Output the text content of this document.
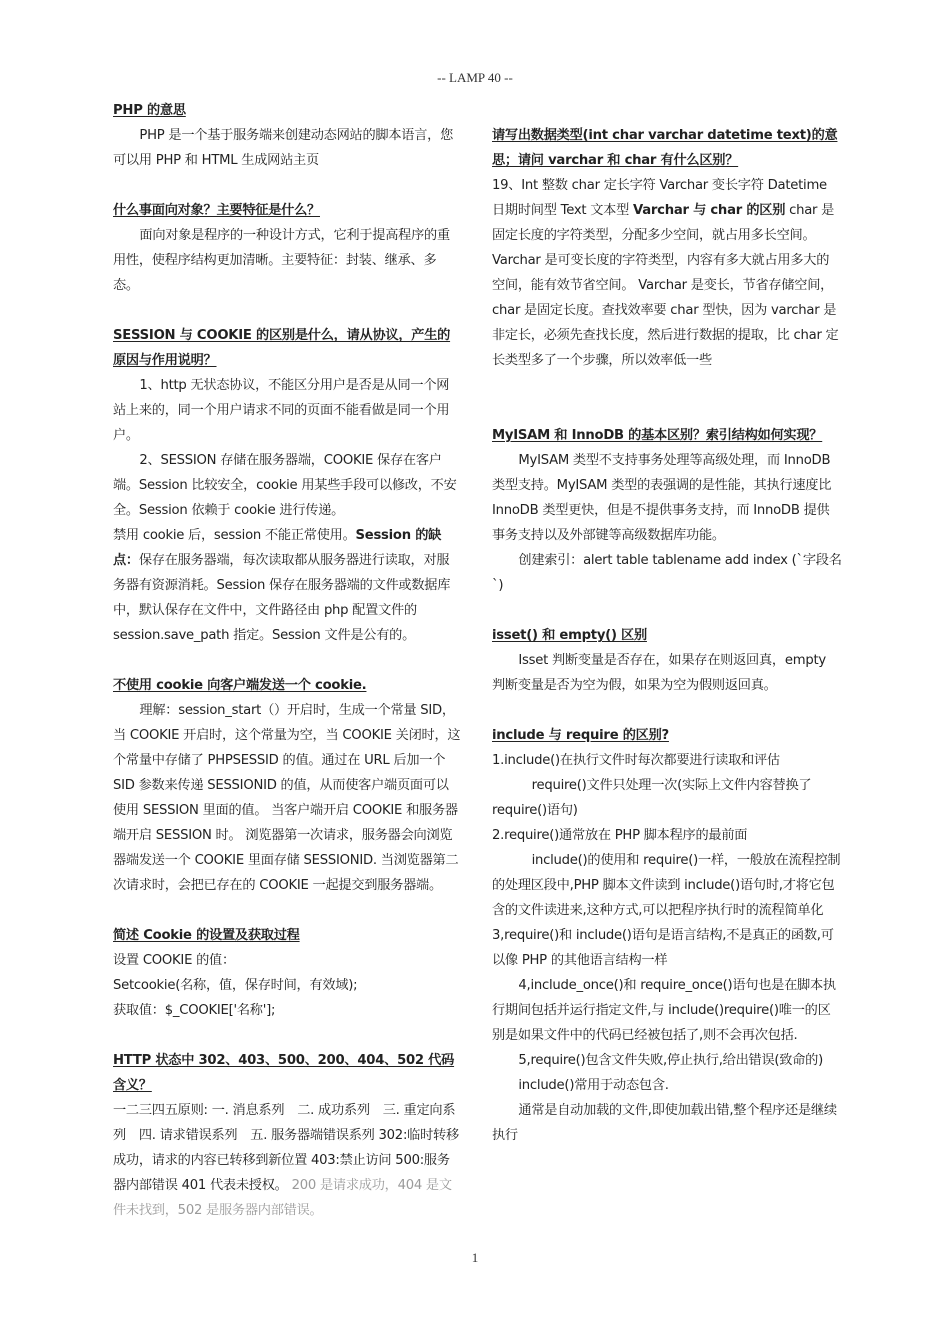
-- LAMP 40 --

PHP 的意思

PHP 是一个基于服务端来创建动态网站的脚本语言，您可以用 PHP 和 HTML 生成网站主页

什么事面向对象？主要特征是什么？

面向对象是程序的一种设计方式，它利于提高程序的重用性，使程序结构更加清晰。主要特征：封装、继承、多态。

SESSION 与 COOKIE 的区别是什么，请从协议，产生的原因与作用说明？

1、http 无状态协议，不能区分用户是否是从同一个网站上来的，同一个用户请求不同的页面不能看做是同一个用户。

2、SESSION 存储在服务器端，COOKIE 保存在客户端。Session 比较安全，cookie 用某些手段可以修改，不安全。Session 依赖于 cookie 进行传递。

禁用 cookie 后，session 不能正常使用。Session 的缺点：保存在服务器端，每次读取都从服务器进行读取，对服务器有资源消耗。Session 保存在服务器端的文件或数据库中，默认保存在文件中，文件路径由 php 配置文件的 session.save_path 指定。Session 文件是公有的。

不使用 cookie 向客户端发送一个 cookie.

理解：session_start（）开启时，生成一个常量 SID，当 COOKIE 开启时，这个常量为空，当 COOKIE 关闭时，这个常量中存储了 PHPSESSID 的值。通过在 URL 后加一个 SID 参数来传递 SESSIONID 的值，从而使客户端页面可以使用 SESSION 里面的值。 当客户端开启 COOKIE 和服务器端开启 SESSION 时。 浏览器第一次请求，服务器会向浏览器端发送一个 COOKIE 里面存储 SESSIONID. 当浏览器第二次请求时，会把已存在的 COOKIE 一起提交到服务器端。

简述 Cookie 的设置及获取过程

设置 COOKIE 的值：

Setcookie(名称，值，保存时间，有效域);

获取值：$_COOKIE['名称'];

HTTP 状态中 302、403、500、200、404、502 代码含义？

一二三四五原则: 一. 消息系列　二. 成功系列　三. 重定向系列　四. 请求错误系列　五. 服务器端错误系列 302:临时转移成功，请求的内容已转移到新位置 403:禁止访问 500:服务器内部错误 401 代表未授权。 200 是请求成功，404 是文件未找到，502 是服务器内部错误。

请写出数据类型(int char varchar datetime text)的意思；请问 varchar 和 char 有什么区别？

19、Int 整数 char 定长字符 Varchar 变长字符 Datetime 日期时间型 Text 文本型 Varchar 与 char 的区别 char 是固定长度的字符类型，分配多少空间，就占用多长空间。 Varchar 是可变长度的字符类型，内容有多大就占用多大的空间，能有效节省空间。 Varchar 是变长，节省存储空间，char 是固定长度。查找效率要 char 型快，因为 varchar 是非定长，必须先查找长度，然后进行数据的提取，比 char 定长类型多了一个步骤，所以效率低一些

MyISAM 和 InnoDB 的基本区别？索引结构如何实现？

MyISAM 类型不支持事务处理等高级处理，而 InnoDB 类型支持。MyISAM 类型的表强调的是性能，其执行速度比 InnoDB 类型更快，但是不提供事务支持，而 InnoDB 提供事务支持以及外部键等高级数据库功能。

创建索引：alert table tablename add index (`字段名`)

isset() 和 empty() 区别

Isset 判断变量是否存在，如果存在则返回真，empty 判断变量是否为空为假，如果为空为假则返回真。

include 与 require 的区别?

1.include()在执行文件时每次都要进行读取和评估

require()文件只处理一次(实际上文件内容替换了 require()语句)

2.require()通常放在 PHP 脚本程序的最前面

include()的使用和 require()一样，一般放在流程控制的处理区段中,PHP 脚本文件读到 include()语句时,才将它包含的文件读进来,这种方式,可以把程序执行时的流程简单化

3,require()和 include()语句是语言结构,不是真正的函数,可以像 PHP 的其他语言结构一样

4,include_once()和 require_once()语句也是在脚本执行期间包括并运行指定文件,与 include()require()唯一的区别是如果文件中的代码已经被包括了,则不会再次包括.

5,require()包含文件失败,停止执行,给出错误(致命的)

include()常用于动态包含.

通常是自动加载的文件,即使加载出错,整个程序还是继续执行

1
